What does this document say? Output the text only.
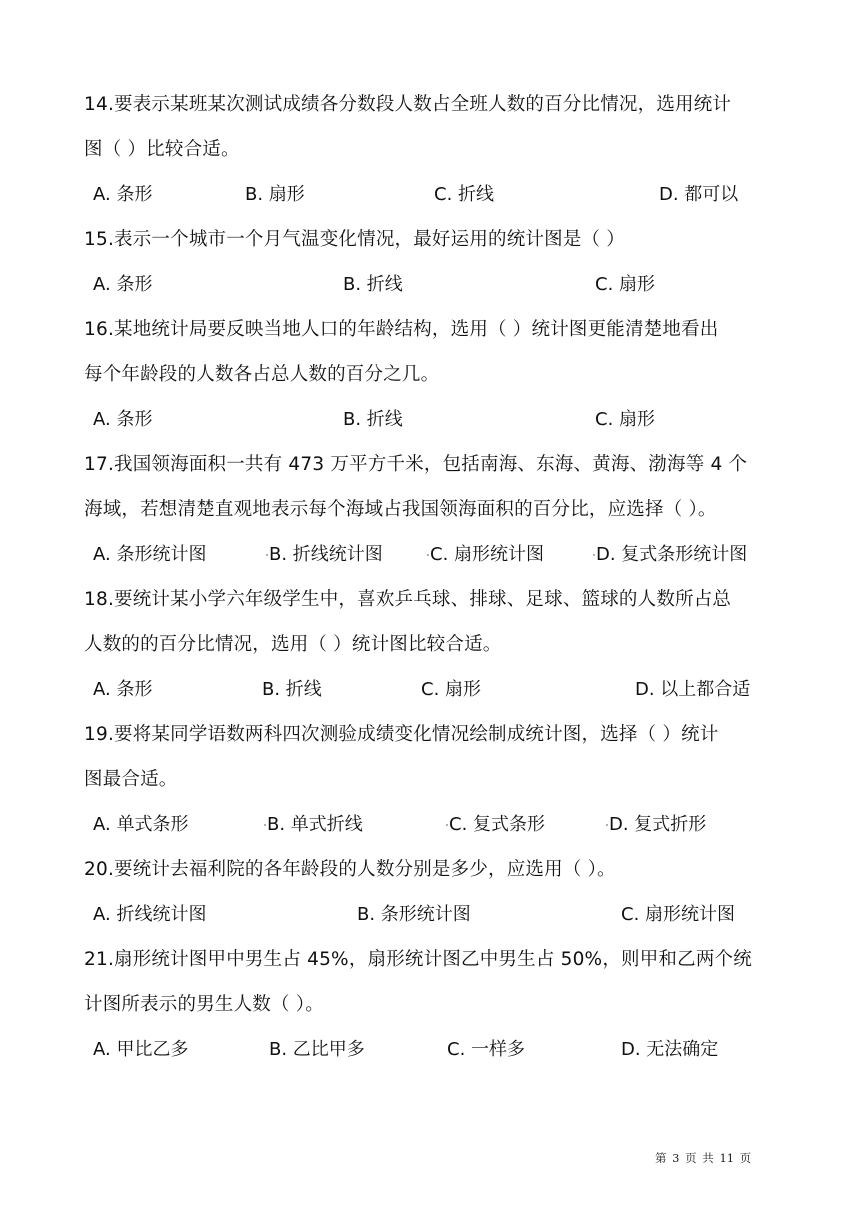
14.要表示某班某次测试成绩各分数段人数占全班人数的百分比情况，选用统计
图（ ）比较合适。
A. 条形	B. 扇形	C. 折线	D. 都可以
15.表示一个城市一个月气温变化情况，最好运用的统计图是（ ）
A. 条形	B. 折线	C. 扇形
16.某地统计局要反映当地人口的年龄结构，选用（ ）统计图更能清楚地看出
每个年龄段的人数各占总人数的百分之几。
A. 条形	B. 折线	C. 扇形
17.我国领海面积一共有 473 万平方千米，包括南海、东海、黄海、渤海等 4 个
海域，若想清楚直观地表示每个海域占我国领海面积的百分比，应选择（ ）。
A. 条形统计图	B. 折线统计图	C. 扇形统计图	D. 复式条形统计图
18.要统计某小学六年级学生中，喜欢乒乓球、排球、足球、篮球的人数所占总
人数的的百分比情况，选用（ ）统计图比较合适。
A. 条形	B. 折线	C. 扇形	D. 以上都合适
19.要将某同学语数两科四次测验成绩变化情况绘制成统计图，选择（ ）统计
图最合适。
A. 单式条形	B. 单式折线	C. 复式条形	D. 复式折形
20.要统计去福利院的各年龄段的人数分别是多少，应选用（ ）。
A. 折线统计图	B. 条形统计图	C. 扇形统计图
21.扇形统计图甲中男生占 45%，扇形统计图乙中男生占 50%，则甲和乙两个统
计图所表示的男生人数（ ）。
A. 甲比乙多	B. 乙比甲多	C. 一样多	D. 无法确定
第 3 页 共 11 页
